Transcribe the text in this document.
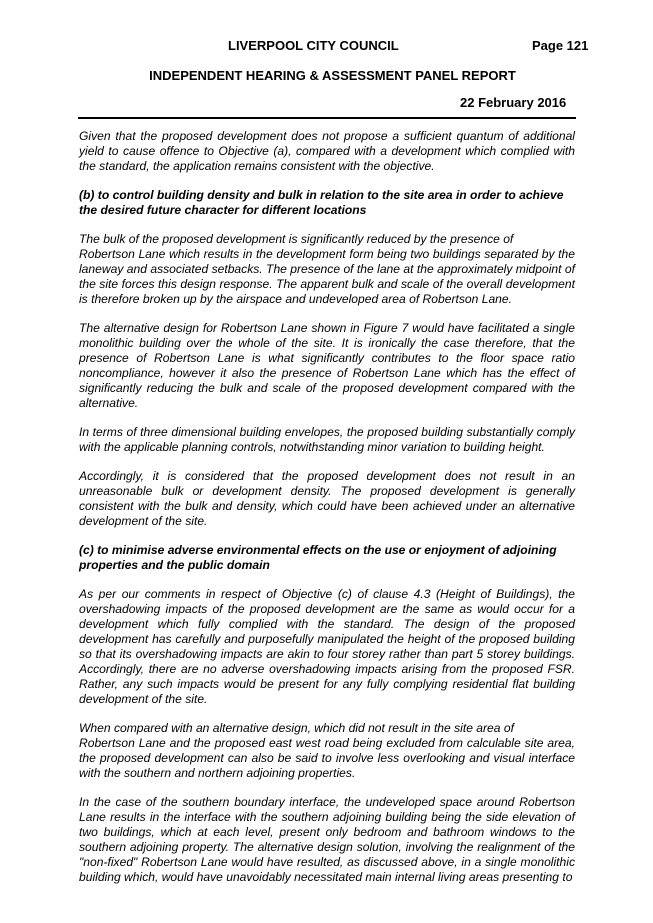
LIVERPOOL CITY COUNCIL	Page 121
INDEPENDENT HEARING & ASSESSMENT PANEL REPORT
22 February 2016

Given that the proposed development does not propose a sufficient quantum of additional yield to cause offence to Objective (a), compared with a development which complied with the standard, the application remains consistent with the objective.

(b) to control building density and bulk in relation to the site area in order to achieve
the desired future character for different locations

The bulk of the proposed development is significantly reduced by the presence of
Robertson Lane which results in the development form being two buildings separated by the laneway and associated setbacks. The presence of the lane at the approximately midpoint of the site forces this design response. The apparent bulk and scale of the overall development is therefore broken up by the airspace and undeveloped area of Robertson Lane.

The alternative design for Robertson Lane shown in Figure 7 would have facilitated a single monolithic building over the whole of the site. It is ironically the case therefore, that the presence of Robertson Lane is what significantly contributes to the floor space ratio noncompliance, however it also the presence of Robertson Lane which has the effect of significantly reducing the bulk and scale of the proposed development compared with the alternative.

In terms of three dimensional building envelopes, the proposed building substantially comply with the applicable planning controls, notwithstanding minor variation to building height.

Accordingly, it is considered that the proposed development does not result in an unreasonable bulk or development density. The proposed development is generally consistent with the bulk and density, which could have been achieved under an alternative development of the site.

(c) to minimise adverse environmental effects on the use or enjoyment of adjoining
properties and the public domain

As per our comments in respect of Objective (c) of clause 4.3 (Height of Buildings), the overshadowing impacts of the proposed development are the same as would occur for a development which fully complied with the standard. The design of the proposed development has carefully and purposefully manipulated the height of the proposed building so that its overshadowing impacts are akin to four storey rather than part 5 storey buildings. Accordingly, there are no adverse overshadowing impacts arising from the proposed FSR. Rather, any such impacts would be present for any fully complying residential flat building development of the site.

When compared with an alternative design, which did not result in the site area of
Robertson Lane and the proposed east west road being excluded from calculable site area, the proposed development can also be said to involve less overlooking and visual interface with the southern and northern adjoining properties.

In the case of the southern boundary interface, the undeveloped space around Robertson Lane results in the interface with the southern adjoining building being the side elevation of two buildings, which at each level, present only bedroom and bathroom windows to the southern adjoining property. The alternative design solution, involving the realignment of the "non-fixed" Robertson Lane would have resulted, as discussed above, in a single monolithic building which, would have unavoidably necessitated main internal living areas presenting to
